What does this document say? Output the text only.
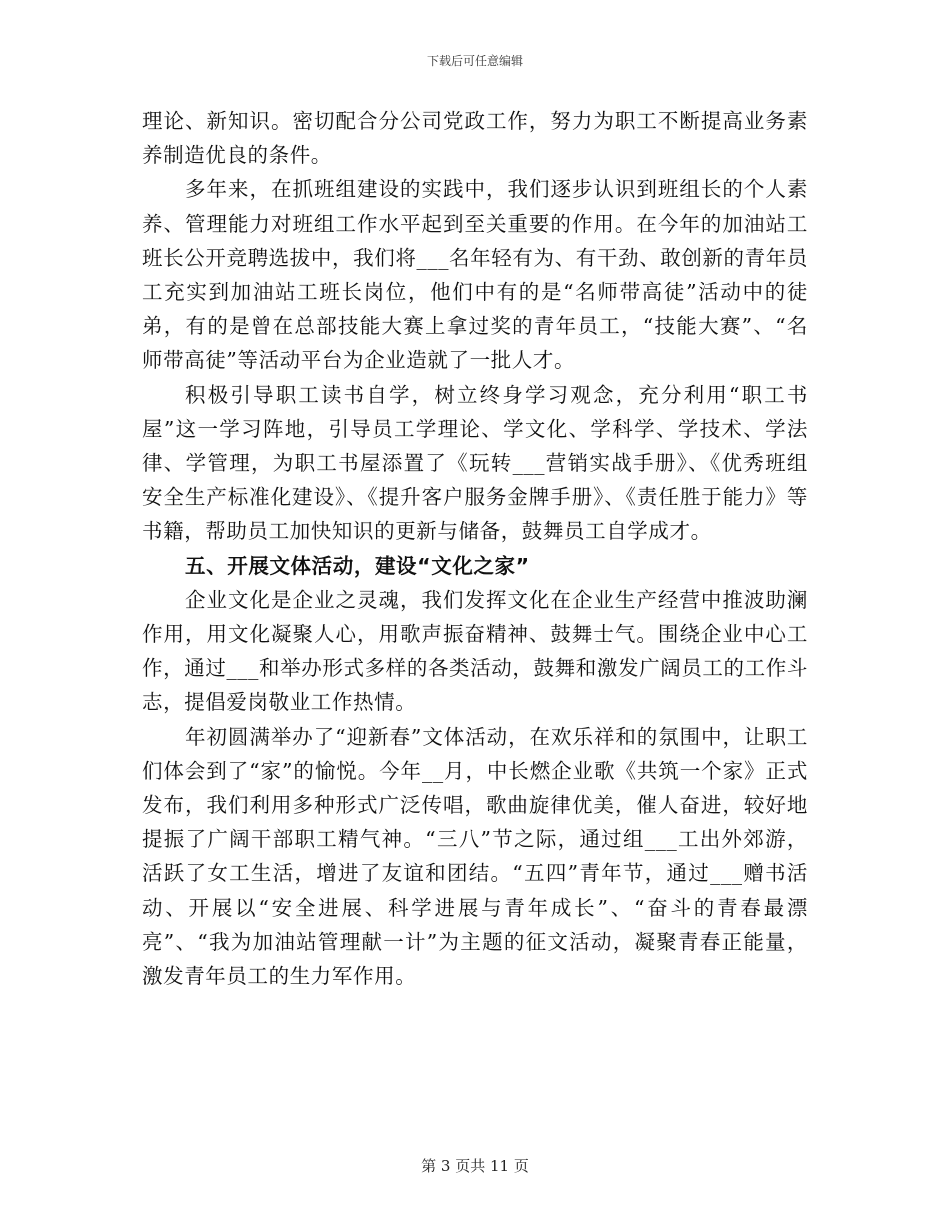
下载后可任意编辑

理论、新知识。密切配合分公司党政工作，努力为职工不断提高业务素养制造优良的条件。

多年来，在抓班组建设的实践中，我们逐步认识到班组长的个人素养、管理能力对班组工作水平起到至关重要的作用。在今年的加油站工班长公开竞聘选拔中，我们将___名年轻有为、有干劲、敢创新的青年员工充实到加油站工班长岗位，他们中有的是“名师带高徒”活动中的徒弟，有的是曾在总部技能大赛上拿过奖的青年员工，“技能大赛”、“名师带高徒”等活动平台为企业造就了一批人才。

积极引导职工读书自学，树立终身学习观念，充分利用“职工书屋”这一学习阵地，引导员工学理论、学文化、学科学、学技术、学法律、学管理，为职工书屋添置了《玩转___营销实战手册》、《优秀班组安全生产标准化建设》、《提升客户服务金牌手册》、《责任胜于能力》等书籍，帮助员工加快知识的更新与储备，鼓舞员工自学成才。

五、开展文体活动，建设“文化之家”

企业文化是企业之灵魂，我们发挥文化在企业生产经营中推波助澜作用，用文化凝聚人心，用歌声振奋精神、鼓舞士气。围绕企业中心工作，通过___和举办形式多样的各类活动，鼓舞和激发广阔员工的工作斗志，提倡爱岗敬业工作热情。

年初圆满举办了“迎新春”文体活动，在欢乐祥和的氛围中，让职工们体会到了“家”的愉悦。今年__月，中长燃企业歌《共筑一个家》正式发布，我们利用多种形式广泛传唱，歌曲旋律优美，催人奋进，较好地提振了广阔干部职工精气神。“三八”节之际，通过组___工出外郊游，活跃了女工生活，增进了友谊和团结。“五四”青年节，通过___赠书活动、开展以“安全进展、科学进展与青年成长”、“奋斗的青春最漂亮”、“我为加油站管理献一计”为主题的征文活动，凝聚青春正能量，激发青年员工的生力军作用。

第 3 页共 11 页
